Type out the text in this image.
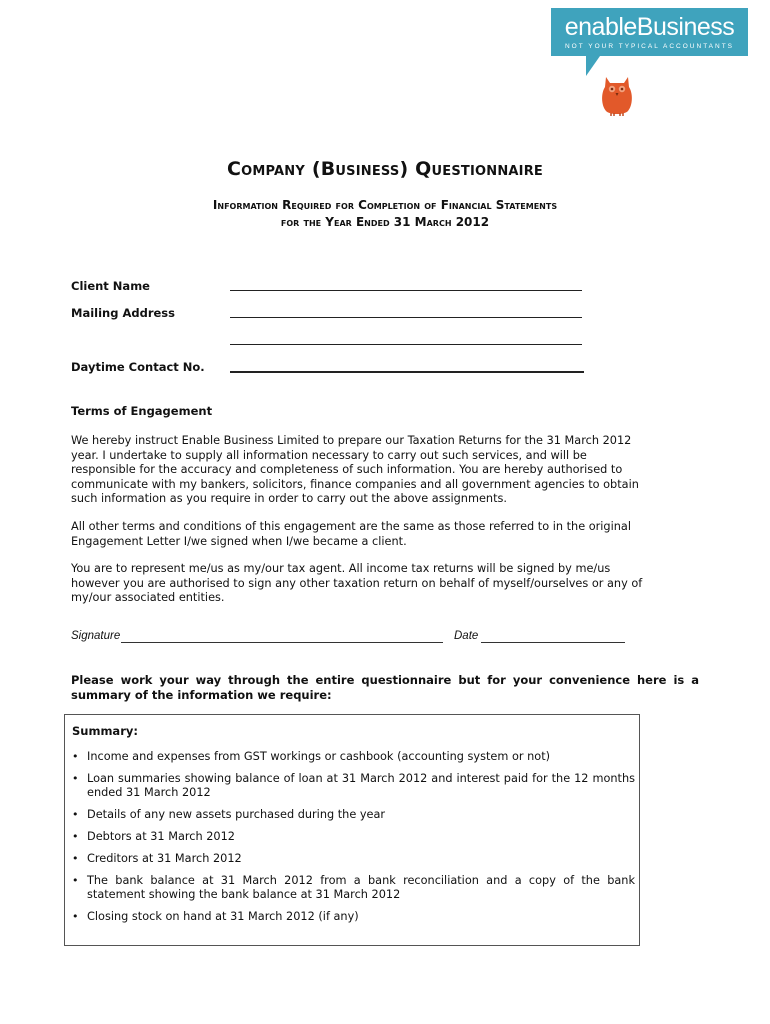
enableBusiness
NOT YOUR TYPICAL ACCOUNTANTS
Company (Business) Questionnaire
Information Required for Completion of Financial Statements
for the Year Ended 31 March 2012
Client Name
Mailing Address
Daytime Contact No.
Terms of Engagement

We hereby instruct Enable Business Limited to prepare our Taxation Returns for the 31 March 2012 year. I undertake to supply all information necessary to carry out such services, and will be responsible for the accuracy and completeness of such information. You are hereby authorised to communicate with my bankers, solicitors, finance companies and all government agencies to obtain such information as you require in order to carry out the above assignments.

All other terms and conditions of this engagement are the same as those referred to in the original Engagement Letter I/we signed when I/we became a client.

You are to represent me/us as my/our tax agent. All income tax returns will be signed by me/us however you are authorised to sign any other taxation return on behalf of myself/ourselves or any of my/our associated entities.

Signature	Date

Please work your way through the entire questionnaire but for your convenience here is a summary of the information we require:

Summary:
• Income and expenses from GST workings or cashbook (accounting system or not)
• Loan summaries showing balance of loan at 31 March 2012 and interest paid for the 12 months ended 31 March 2012
• Details of any new assets purchased during the year
• Debtors at 31 March 2012
• Creditors at 31 March 2012
• The bank balance at 31 March 2012 from a bank reconciliation and a copy of the bank statement showing the bank balance at 31 March 2012
• Closing stock on hand at 31 March 2012 (if any)
